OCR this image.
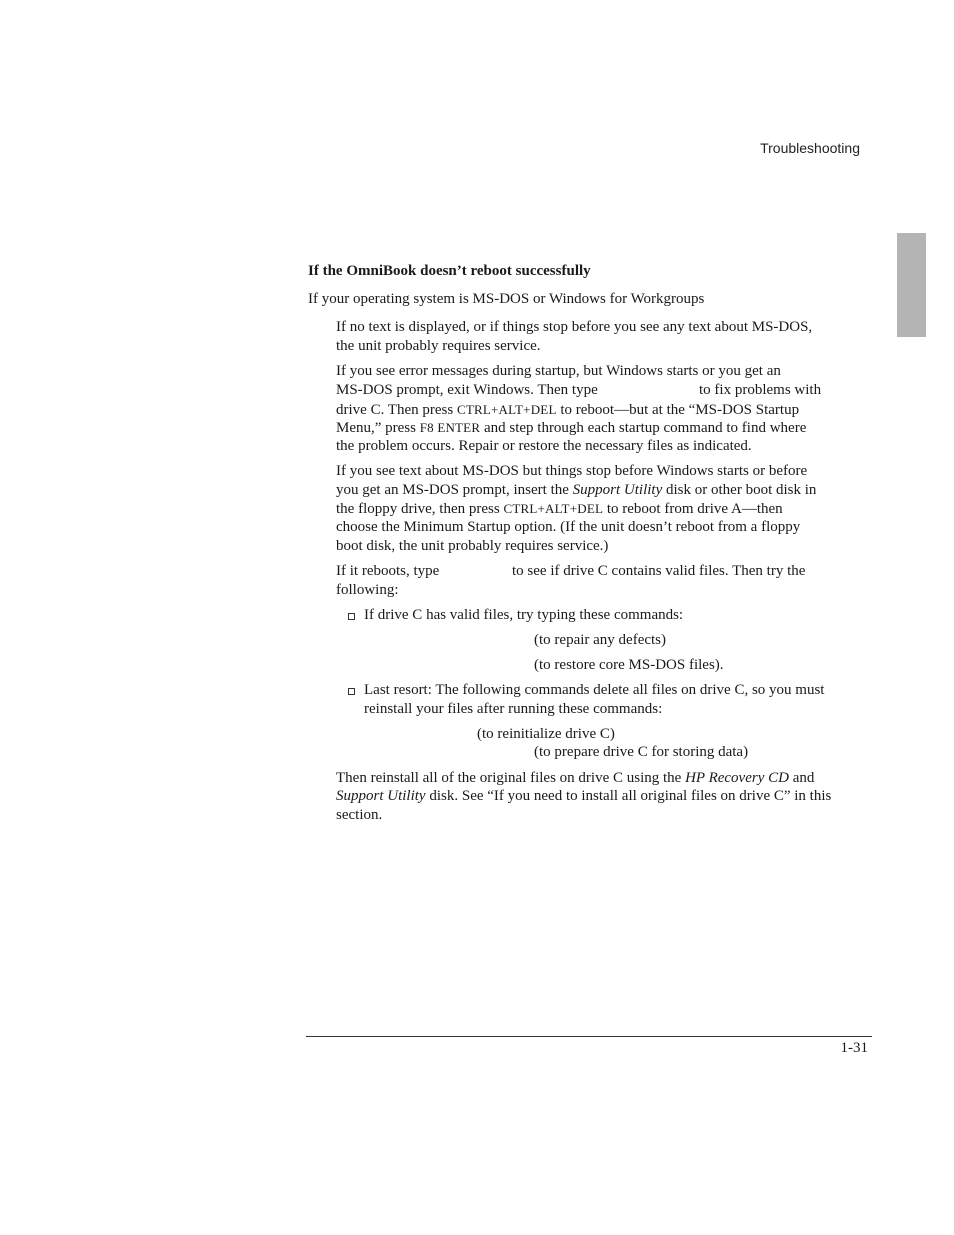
Troubleshooting
If the OmniBook doesn’t reboot successfully
If your operating system is MS-DOS or Windows for Workgroups
If no text is displayed, or if things stop before you see any text about MS-DOS,
the unit probably requires service.
If you see error messages during startup, but Windows starts or you get an
MS-DOS prompt, exit Windows. Then type	to fix problems with
drive C. Then press CTRL+ALT+DEL to reboot—but at the “MS-DOS Startup
Menu,” press F8 ENTER and step through each startup command to find where
the problem occurs. Repair or restore the necessary files as indicated.
If you see text about MS-DOS but things stop before Windows starts or before
you get an MS-DOS prompt, insert the Support Utility disk or other boot disk in
the floppy drive, then press CTRL+ALT+DEL to reboot from drive A—then
choose the Minimum Startup option. (If the unit doesn’t reboot from a floppy
boot disk, the unit probably requires service.)
If it reboots, type	to see if drive C contains valid files. Then try the
following:
If drive C has valid files, try typing these commands:
(to repair any defects)
(to restore core MS-DOS files).
Last resort: The following commands delete all files on drive C, so you must
reinstall your files after running these commands:
(to reinitialize drive C)
(to prepare drive C for storing data)
Then reinstall all of the original files on drive C using the HP Recovery CD and
Support Utility disk. See “If you need to install all original files on drive C” in this
section.
1-31
